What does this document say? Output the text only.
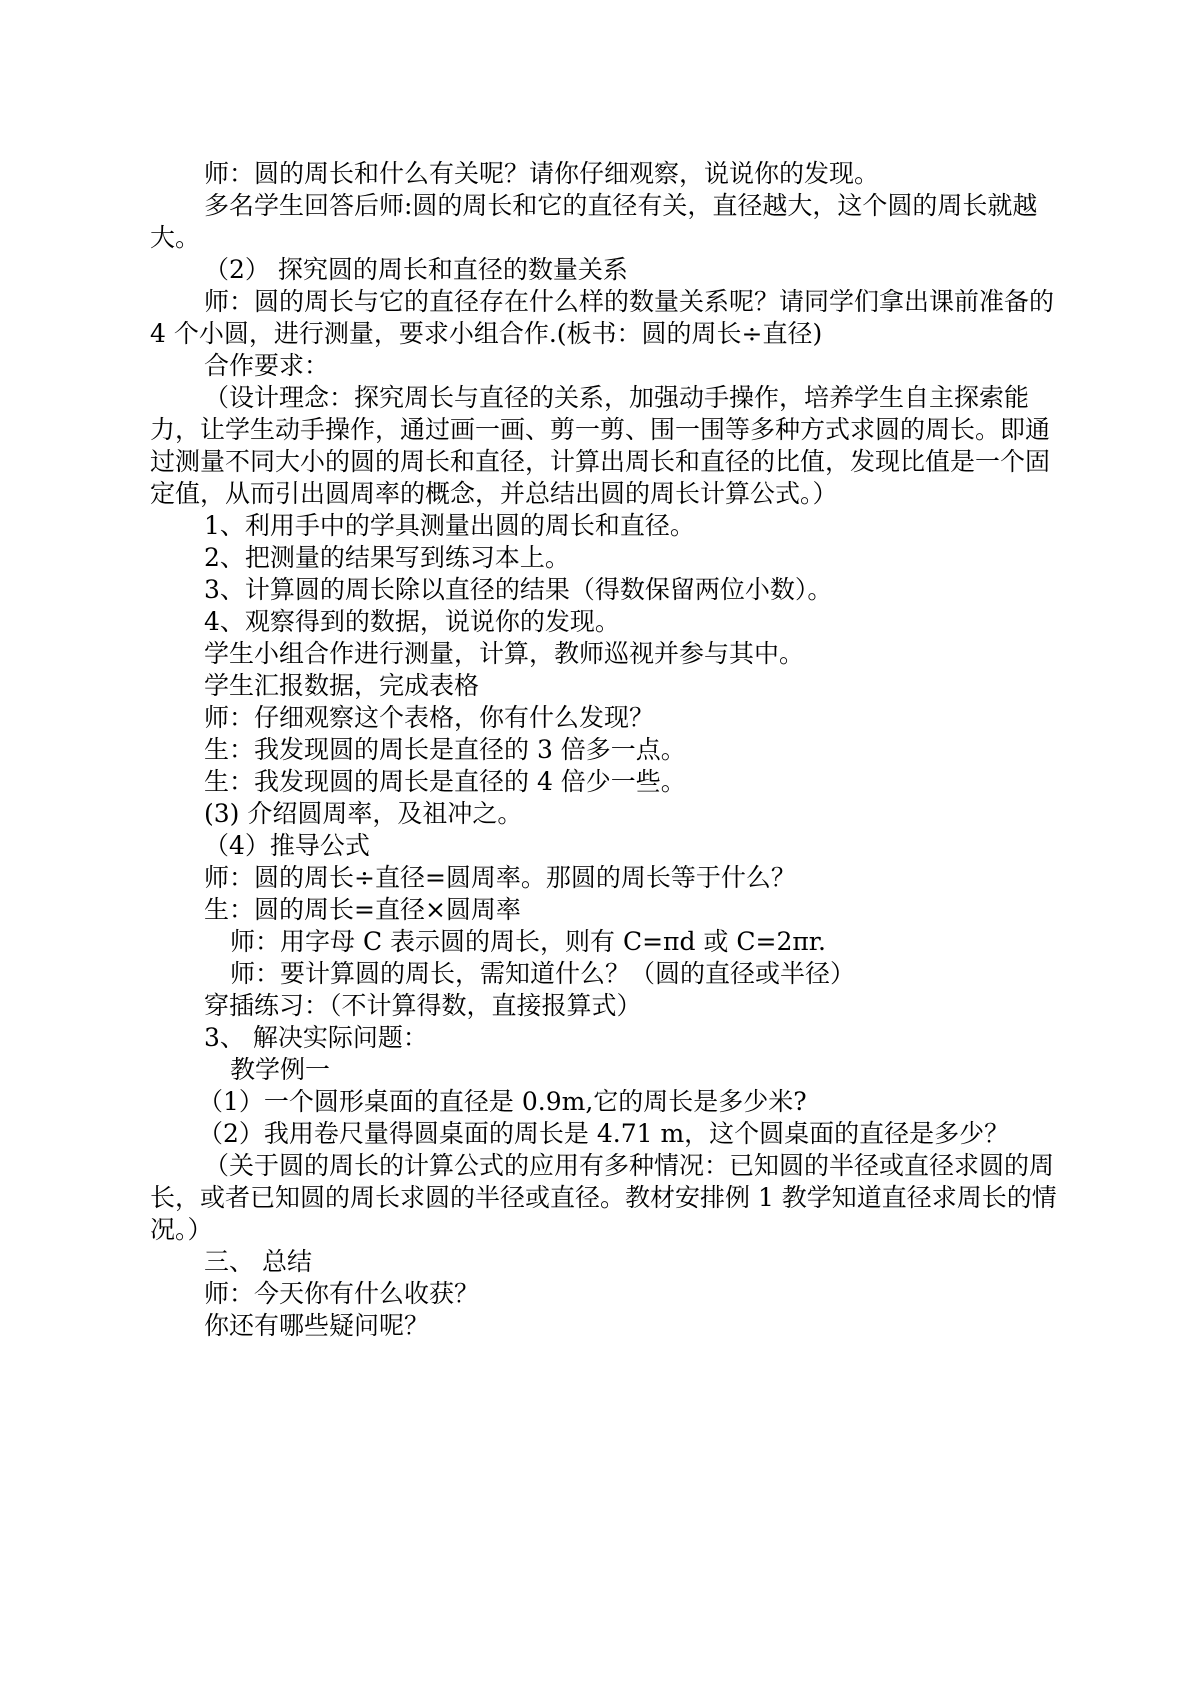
师：圆的周长和什么有关呢？请你仔细观察，说说你的发现。
多名学生回答后师:圆的周长和它的直径有关，直径越大，这个圆的周长就越大。
（2） 探究圆的周长和直径的数量关系
师：圆的周长与它的直径存在什么样的数量关系呢？请同学们拿出课前准备的 4 个小圆，进行测量，要求小组合作.(板书：圆的周长÷直径)
合作要求：
（设计理念：探究周长与直径的关系，加强动手操作，培养学生自主探索能力，让学生动手操作，通过画一画、剪一剪、围一围等多种方式求圆的周长。即通过测量不同大小的圆的周长和直径，计算出周长和直径的比值，发现比值是一个固定值，从而引出圆周率的概念，并总结出圆的周长计算公式。）
1、利用手中的学具测量出圆的周长和直径。
2、把测量的结果写到练习本上。
3、计算圆的周长除以直径的结果（得数保留两位小数）。
4、观察得到的数据，说说你的发现。
学生小组合作进行测量，计算，教师巡视并参与其中。
学生汇报数据，完成表格
师：仔细观察这个表格，你有什么发现？
生：我发现圆的周长是直径的 3 倍多一点。
生：我发现圆的周长是直径的 4 倍少一些。
(3) 介绍圆周率，及祖冲之。
（4）推导公式
师：圆的周长÷直径=圆周率。那圆的周长等于什么？
生：圆的周长=直径×圆周率
师：用字母 C 表示圆的周长，则有 C=πd 或 C=2πr.
师：要计算圆的周长，需知道什么？（圆的直径或半径）
穿插练习：（不计算得数，直接报算式）
3、 解决实际问题：
教学例一
（1）一个圆形桌面的直径是 0.9m,它的周长是多少米?
（2）我用卷尺量得圆桌面的周长是 4.71 m，这个圆桌面的直径是多少？
（关于圆的周长的计算公式的应用有多种情况：已知圆的半径或直径求圆的周长，或者已知圆的周长求圆的半径或直径。教材安排例 1 教学知道直径求周长的情况。）
三、 总结
师：今天你有什么收获？
你还有哪些疑问呢？
